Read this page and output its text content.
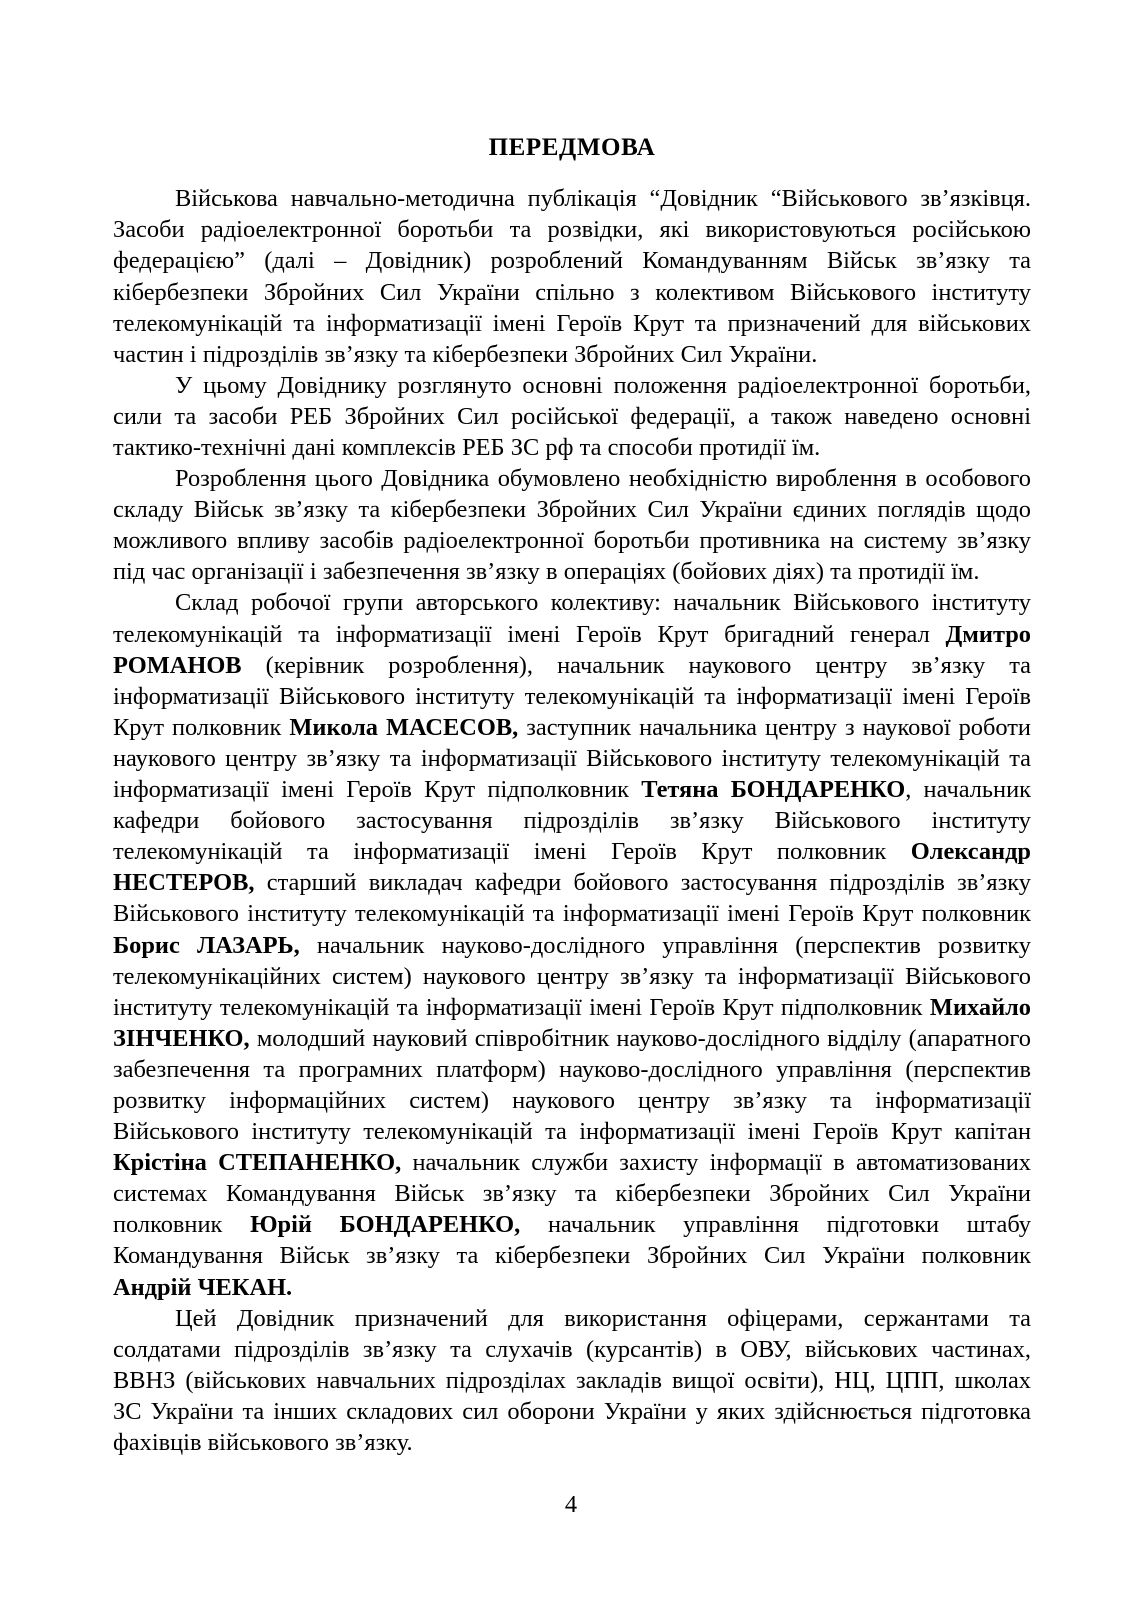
ПЕРЕДМОВА

Військова навчально-методична публікація “Довідник “Військового зв’язківця. Засоби радіоелектронної боротьби та розвідки, які використовуються російською федерацією” (далі – Довідник) розроблений Командуванням Військ зв’язку та кібербезпеки Збройних Сил України спільно з колективом Військового інституту телекомунікацій та інформатизації імені Героїв Крут та призначений для військових частин і підрозділів зв’язку та кібербезпеки Збройних Сил України.

У цьому Довіднику розглянуто основні положення радіоелектронної боротьби, сили та засоби РЕБ Збройних Сил російської федерації, а також наведено основні тактико-технічні дані комплексів РЕБ ЗС рф та способи протидії їм.

Розроблення цього Довідника обумовлено необхідністю вироблення в особового складу Військ зв’язку та кібербезпеки Збройних Сил України єдиних поглядів щодо можливого впливу засобів радіоелектронної боротьби противника на систему зв’язку під час організації і забезпечення зв’язку в операціях (бойових діях) та протидії їм.

Склад робочої групи авторського колективу: начальник Військового інституту телекомунікацій та інформатизації імені Героїв Крут бригадний генерал Дмитро РОМАНОВ (керівник розроблення), начальник наукового центру зв’язку та інформатизації Військового інституту телекомунікацій та інформатизації імені Героїв Крут полковник Микола МАСЕСОВ, заступник начальника центру з наукової роботи наукового центру зв’язку та інформатизації Військового інституту телекомунікацій та інформатизації імені Героїв Крут підполковник Тетяна БОНДАРЕНКО, начальник кафедри бойового застосування підрозділів зв’язку Військового інституту телекомунікацій та інформатизації імені Героїв Крут полковник Олександр НЕСТЕРОВ, старший викладач кафедри бойового застосування підрозділів зв’язку Військового інституту телекомунікацій та інформатизації імені Героїв Крут полковник Борис ЛАЗАРЬ, начальник науково-дослідного управління (перспектив розвитку телекомунікаційних систем) наукового центру зв’язку та інформатизації Військового інституту телекомунікацій та інформатизації імені Героїв Крут підполковник Михайло ЗІНЧЕНКО, молодший науковий співробітник науково-дослідного відділу (апаратного забезпечення та програмних платформ) науково-дослідного управління (перспектив розвитку інформаційних систем) наукового центру зв’язку та інформатизації Військового інституту телекомунікацій та інформатизації імені Героїв Крут капітан Крістіна СТЕПАНЕНКО, начальник служби захисту інформації в автоматизованих системах Командування Військ зв’язку та кібербезпеки Збройних Сил України полковник Юрій БОНДАРЕНКО, начальник управління підготовки штабу Командування Військ зв’язку та кібербезпеки Збройних Сил України полковник Андрій ЧЕКАН.

Цей Довідник призначений для використання офіцерами, сержантами та солдатами підрозділів зв’язку та слухачів (курсантів) в ОВУ, військових частинах, ВВНЗ (військових навчальних підрозділах закладів вищої освіти), НЦ, ЦПП, школах ЗС України та інших складових сил оборони України у яких здійснюється підготовка фахівців військового зв’язку.

4
